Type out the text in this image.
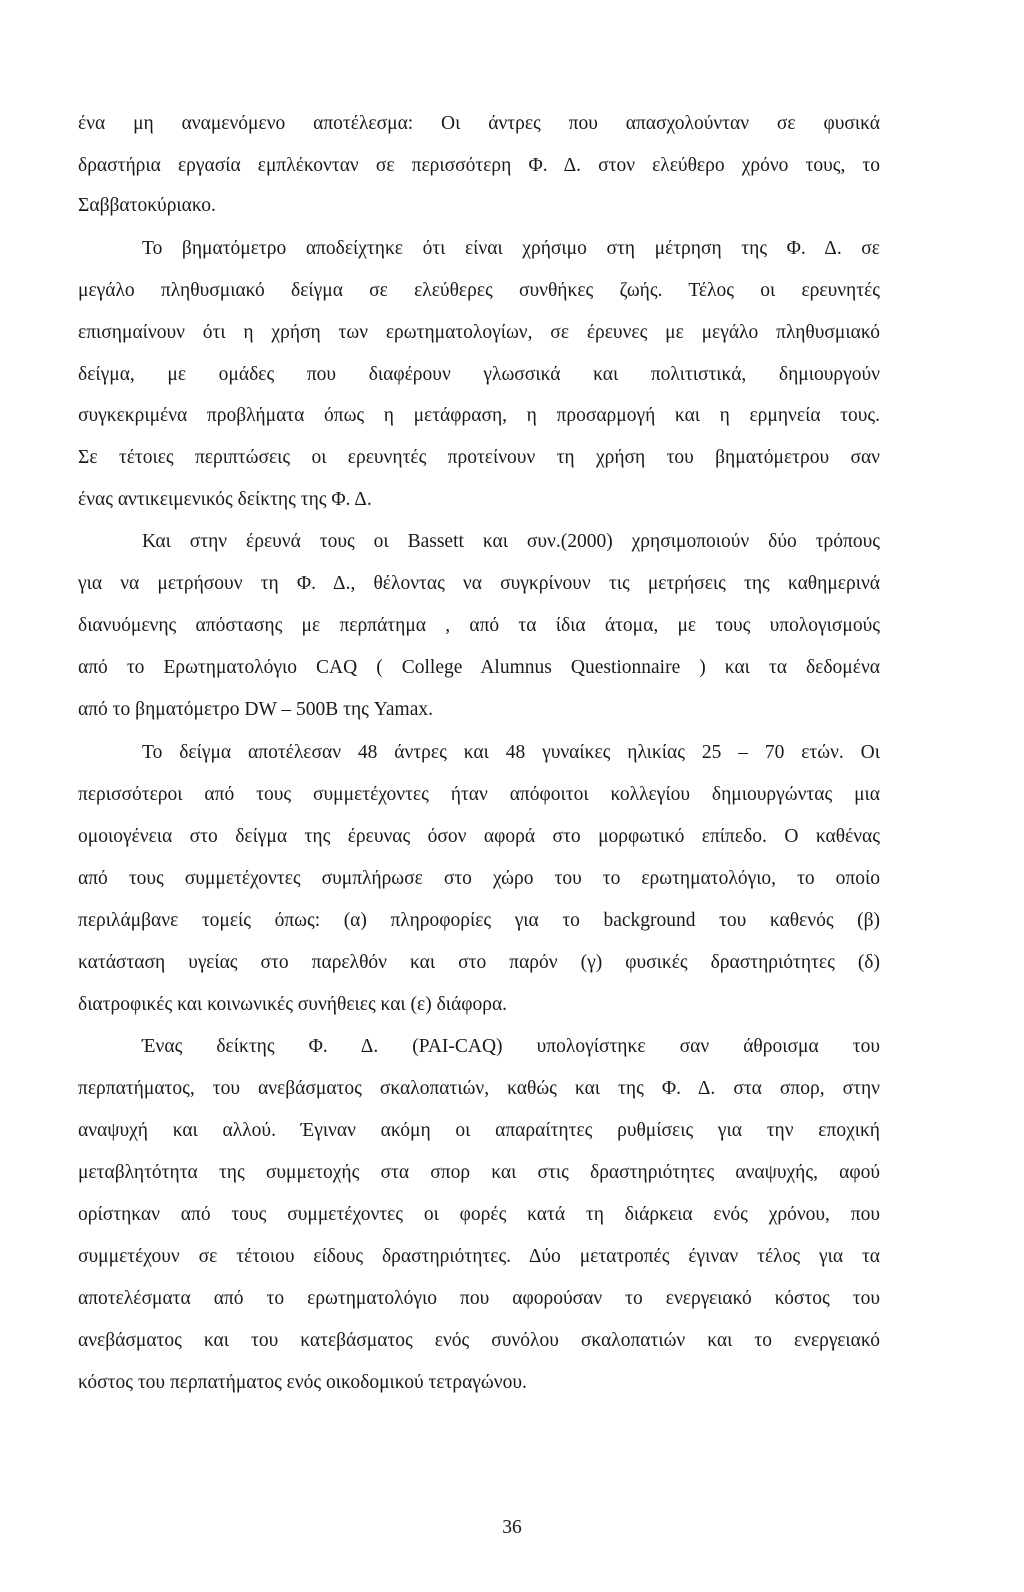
ένα μη αναμενόμενο αποτέλεσμα: Οι άντρες που απασχολούνταν σε φυσικά
δραστήρια εργασία εμπλέκονταν σε περισσότερη Φ. Δ. στον ελεύθερο χρόνο τους, το
Σαββατοκύριακο.
Το βηματόμετρο αποδείχτηκε ότι είναι χρήσιμο στη μέτρηση της Φ. Δ. σε
μεγάλο πληθυσμιακό δείγμα σε ελεύθερες συνθήκες ζωής. Τέλος οι ερευνητές
επισημαίνουν ότι η χρήση των ερωτηματολογίων, σε έρευνες με μεγάλο πληθυσμιακό
δείγμα, με ομάδες που διαφέρουν γλωσσικά και πολιτιστικά, δημιουργούν
συγκεκριμένα προβλήματα όπως η μετάφραση, η προσαρμογή και η ερμηνεία τους.
Σε τέτοιες περιπτώσεις οι ερευνητές προτείνουν τη χρήση του βηματόμετρου σαν
ένας αντικειμενικός δείκτης της Φ. Δ.
Και στην έρευνά τους οι Bassett και συν.(2000) χρησιμοποιούν δύο τρόπους
για να μετρήσουν τη Φ. Δ., θέλοντας να συγκρίνουν τις μετρήσεις της καθημερινά
διανυόμενης απόστασης με περπάτημα , από τα ίδια άτομα, με τους υπολογισμούς
από το Ερωτηματολόγιο CAQ ( College Alumnus Questionnaire ) και τα δεδομένα
από το βηματόμετρο DW – 500B της Yamax.
Το δείγμα αποτέλεσαν 48 άντρες και 48 γυναίκες ηλικίας 25 – 70 ετών. Οι
περισσότεροι από τους συμμετέχοντες ήταν απόφοιτοι κολλεγίου δημιουργώντας μια
ομοιογένεια στο δείγμα της έρευνας όσον αφορά στο μορφωτικό επίπεδο. Ο καθένας
από τους συμμετέχοντες συμπλήρωσε στο χώρο του το ερωτηματολόγιο, το οποίο
περιλάμβανε τομείς όπως: (α) πληροφορίες για το background του καθενός (β)
κατάσταση υγείας στο παρελθόν και στο παρόν (γ) φυσικές δραστηριότητες (δ)
διατροφικές και κοινωνικές συνήθειες και (ε) διάφορα.
Ένας δείκτης Φ. Δ. (PAI-CAQ) υπολογίστηκε σαν άθροισμα του
περπατήματος, του ανεβάσματος σκαλοπατιών, καθώς και της Φ. Δ. στα σπορ, στην
αναψυχή και αλλού. Έγιναν ακόμη οι απαραίτητες ρυθμίσεις για την εποχική
μεταβλητότητα της συμμετοχής στα σπορ και στις δραστηριότητες αναψυχής, αφού
ορίστηκαν από τους συμμετέχοντες οι φορές κατά τη διάρκεια ενός χρόνου, που
συμμετέχουν σε τέτοιου είδους δραστηριότητες. Δύο μετατροπές έγιναν τέλος για τα
αποτελέσματα από το ερωτηματολόγιο που αφορούσαν το ενεργειακό κόστος του
ανεβάσματος και του κατεβάσματος ενός συνόλου σκαλοπατιών και το ενεργειακό
κόστος του περπατήματος ενός οικοδομικού τετραγώνου.
36
